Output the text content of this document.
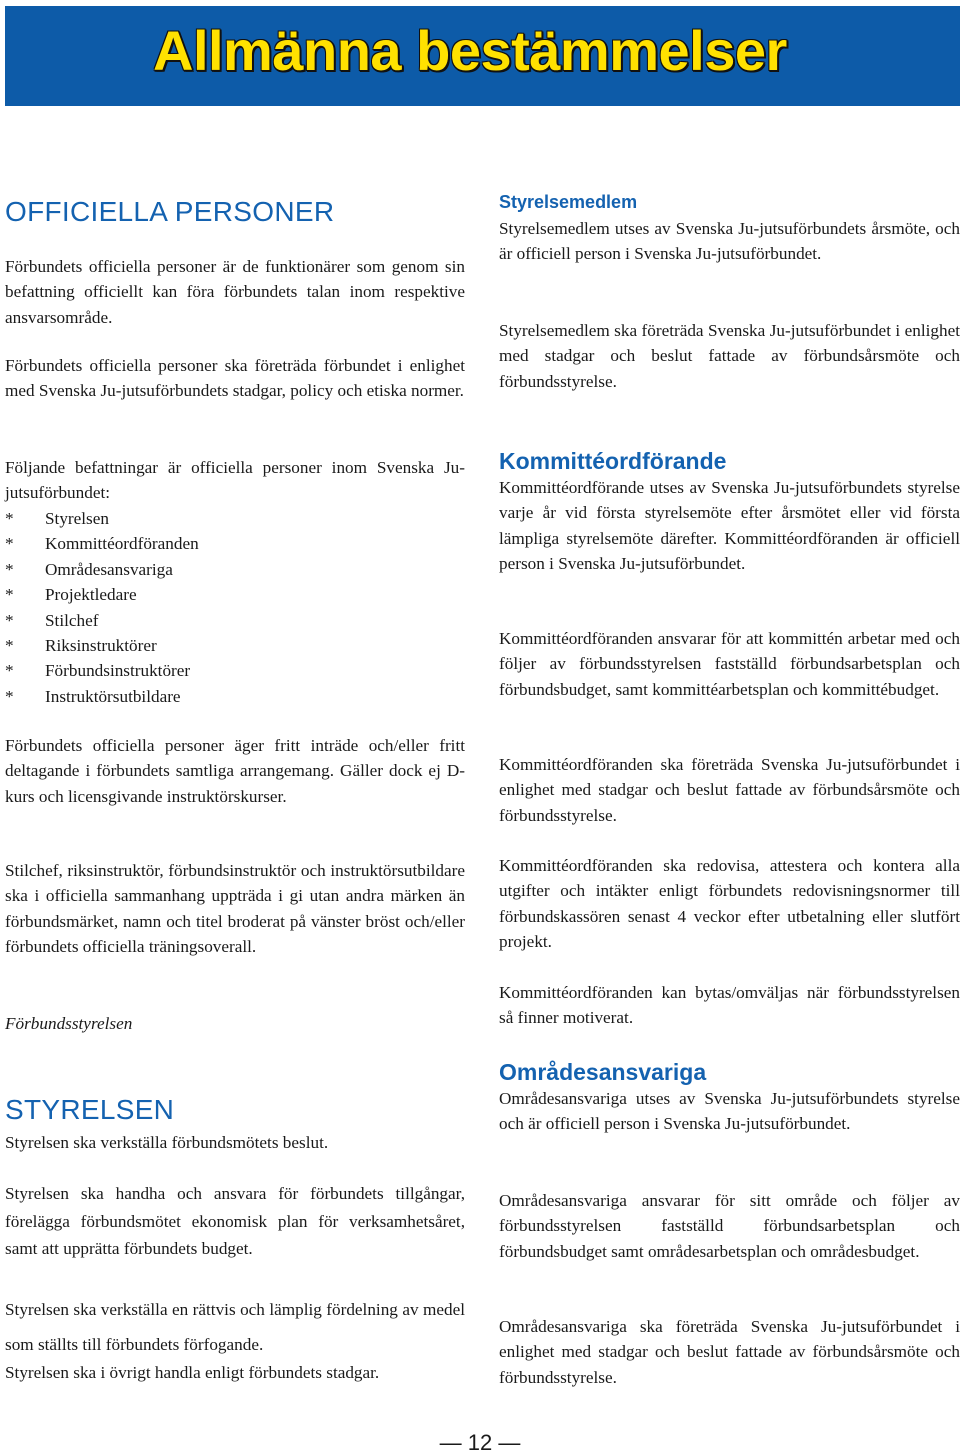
Allmänna bestämmelser
OFFICIELLA PERSONER

Förbundets officiella personer är de funktionärer som genom sin befattning officiellt kan föra förbundets talan inom respektive ansvarsområde.

Förbundets officiella personer ska företräda förbundet i enlighet med Svenska Ju-jutsuförbundets stadgar, policy och etiska normer.

Följande befattningar är officiella personer inom Svenska Ju-jutsuförbundet:

* Styrelsen
* Kommittéordföranden
* Områdesansvariga
* Projektledare
* Stilchef
* Riksinstruktörer
* Förbundsinstruktörer
* Instruktörsutbildare

Förbundets officiella personer äger fritt inträde och/eller fritt deltagande i förbundets samtliga arrangemang. Gäller dock ej D-kurs och licensgivande instruktörskurser.

Stilchef, riksinstruktör, förbundsinstruktör och instruktörsutbildare ska i officiella sammanhang uppträda i gi utan andra märken än förbundsmärket, namn och titel broderat på vänster bröst och/eller förbundets officiella träningsoverall.

Förbundsstyrelsen

STYRELSEN

Styrelsen ska verkställa förbundsmötets beslut.

Styrelsen ska handha och ansvara för förbundets tillgångar, förelägga förbundsmötet ekonomisk plan för verksamhetsåret, samt att upprätta förbundets budget.

Styrelsen ska verkställa en rättvis och lämplig fördelning av medel som ställts till förbundets förfogande.

Styrelsen ska i övrigt handla enligt förbundets stadgar.

Styrelsemedlem

Styrelsemedlem utses av Svenska Ju-jutsuförbundets årsmöte, och är officiell person i Svenska Ju-jutsuförbundet.

Styrelsemedlem ska företräda Svenska Ju-jutsuförbundet i enlighet med stadgar och beslut fattade av förbundsårsmöte och förbundsstyrelse.

Kommittéordförande

Kommittéordförande utses av Svenska Ju-jutsuförbundets styrelse varje år vid första styrelsemöte efter årsmötet eller vid första lämpliga styrelsemöte därefter. Kommittéordföranden är officiell person i Svenska Ju-jutsuförbundet.

Kommittéordföranden ansvarar för att kommittén arbetar med och följer av förbundsstyrelsen fastställd förbundsarbetsplan och förbundsbudget, samt kommittéarbetsplan och kommittébudget.

Kommittéordföranden ska företräda Svenska Ju-jutsuförbundet i enlighet med stadgar och beslut fattade av förbundsårsmöte och förbundsstyrelse.

Kommittéordföranden ska redovisa, attestera och kontera alla utgifter och intäkter enligt förbundets redovisningsnormer till förbundskassören senast 4 veckor efter utbetalning eller slutfört projekt.

Kommittéordföranden kan bytas/omväljas när förbundsstyrelsen så finner motiverat.

Områdesansvariga

Områdesansvariga utses av Svenska Ju-jutsuförbundets styrelse och är officiell person i Svenska Ju-jutsuförbundet.

Områdesansvariga ansvarar för sitt område och följer av förbundsstyrelsen fastställd förbundsarbetsplan och förbundsbudget samt områdesarbetsplan och områdesbudget.

Områdesansvariga ska företräda Svenska Ju-jutsuförbundet i enlighet med stadgar och beslut fattade av förbundsårsmöte och förbundsstyrelse.

— 12 —
